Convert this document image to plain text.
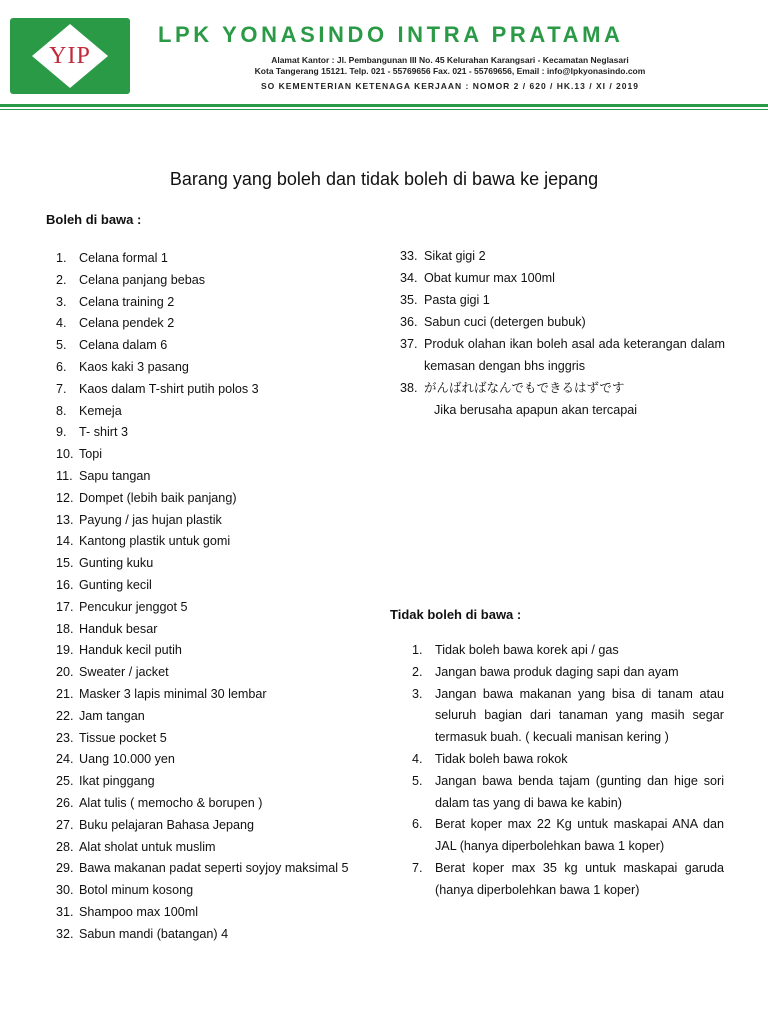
YIP
LPK YONASINDO INTRA PRATAMA
Alamat Kantor : Jl. Pembangunan III No. 45 Kelurahan Karangsari - Kecamatan Neglasari
Kota Tangerang 15121. Telp. 021 - 55769656 Fax. 021 - 55769656, Email : info@lpkyonasindo.com
SO KEMENTERIAN KETENAGA KERJAAN : NOMOR 2 / 620 / HK.13 / XI / 2019
Barang yang boleh dan tidak boleh di bawa ke jepang
Boleh di bawa :
1. Celana formal 1
2. Celana panjang bebas
3. Celana training 2
4. Celana pendek 2
5. Celana dalam 6
6. Kaos kaki 3 pasang
7. Kaos dalam T-shirt putih polos 3
8. Kemeja
9. T- shirt 3
10. Topi
11. Sapu tangan
12. Dompet (lebih baik panjang)
13. Payung / jas hujan plastik
14. Kantong plastik untuk gomi
15. Gunting kuku
16. Gunting kecil
17. Pencukur jenggot 5
18. Handuk besar
19. Handuk kecil putih
20. Sweater / jacket
21. Masker 3 lapis minimal 30 lembar
22. Jam tangan
23. Tissue pocket 5
24. Uang 10.000 yen
25. Ikat pinggang
26. Alat tulis ( memocho & borupen )
27. Buku pelajaran Bahasa Jepang
28. Alat sholat untuk muslim
29. Bawa makanan padat seperti soyjoy maksimal 5
30. Botol minum kosong
31. Shampoo max 100ml
32. Sabun mandi (batangan) 4
33. Sikat gigi 2
34. Obat kumur max 100ml
35. Pasta gigi 1
36. Sabun cuci (detergen bubuk)
37. Produk olahan ikan boleh asal ada keterangan dalam kemasan dengan bhs inggris
38. がんばればなんでもできるはずです
Jika berusaha apapun akan tercapai
Tidak boleh di bawa :
1. Tidak boleh bawa korek api / gas
2. Jangan bawa produk daging sapi dan ayam
3. Jangan bawa makanan yang bisa di tanam atau seluruh bagian dari tanaman yang masih segar termasuk buah. ( kecuali manisan kering )
4. Tidak boleh bawa rokok
5. Jangan bawa benda tajam (gunting dan hige sori dalam tas yang di bawa ke kabin)
6. Berat koper max 22 Kg untuk maskapai ANA dan JAL (hanya diperbolehkan bawa 1 koper)
7. Berat koper max 35 kg untuk maskapai garuda (hanya diperbolehkan bawa 1 koper)
